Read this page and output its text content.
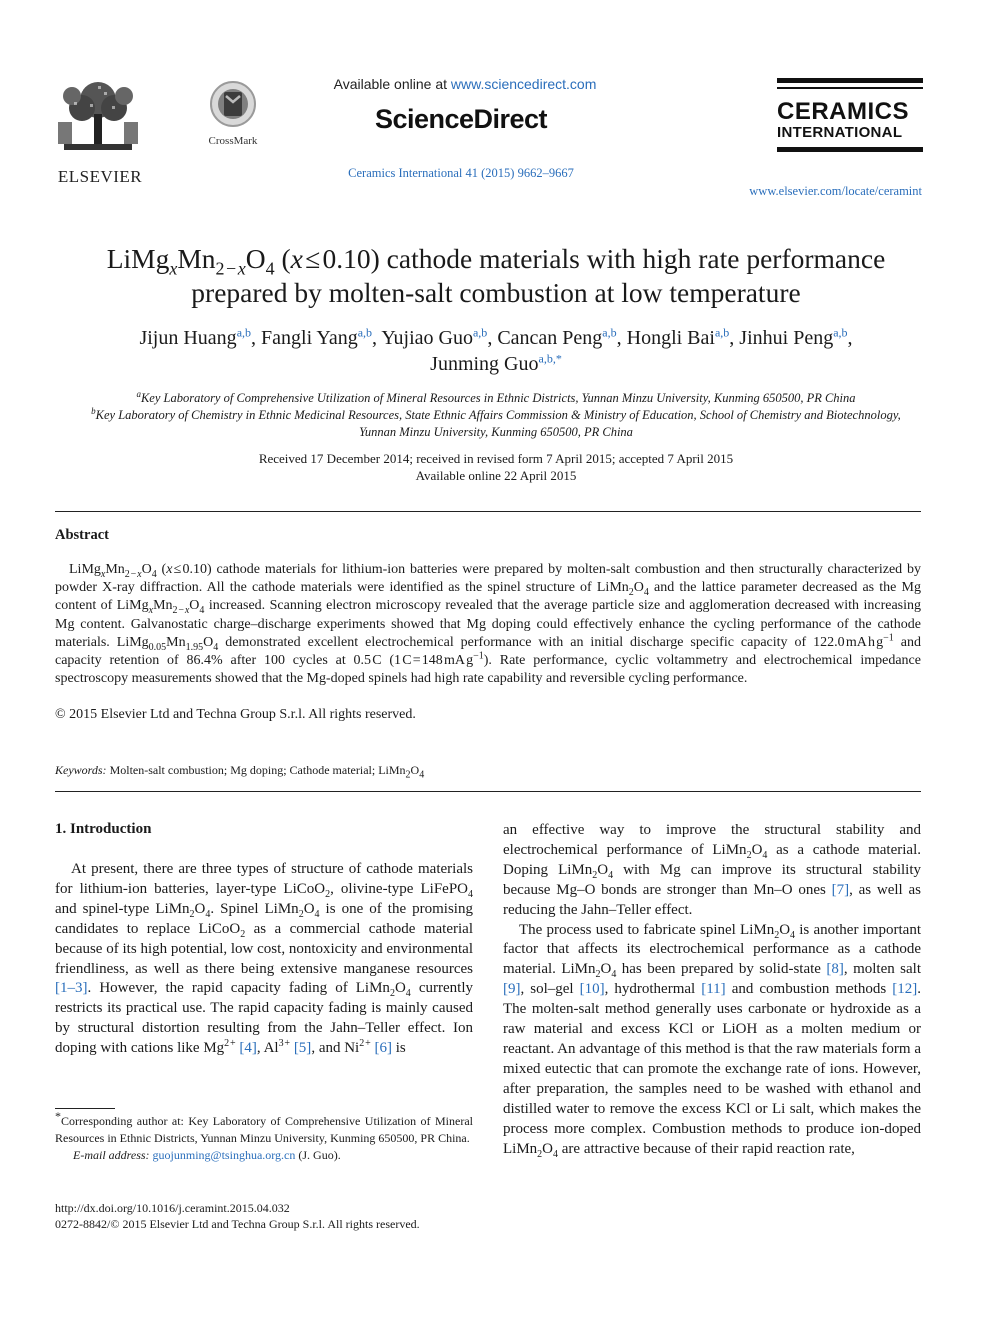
ELSEVIER
CrossMark
Available online at www.sciencedirect.com
ScienceDirect
Ceramics International 41 (2015) 9662–9667
CERAMICS
INTERNATIONAL
www.elsevier.com/locate/ceramint
$LiMg_xMn_{2 - x}O_4$ (x ≤ 0.10) cathode materials with high rate performance
prepared by molten-salt combustion at low temperature
Jijun Huang$^{a,b}$, Fangli Yang$^{a,b}$, Yujiao Guo$^{a,b}$, Cancan Peng$^{a,b}$, Hongli Bai$^{a,b}$, Jinhui Peng$^{a,b}$,
Junming Guo$^{a,b,*}$
$^a$Key Laboratory of Comprehensive Utilization of Mineral Resources in Ethnic Districts, Yunnan Minzu University, Kunming 650500, PR China
$^b$Key Laboratory of Chemistry in Ethnic Medicinal Resources, State Ethnic Affairs Commission & Ministry of Education, School of Chemistry and Biotechnology,
Yunnan Minzu University, Kunming 650500, PR China
Received 17 December 2014; received in revised form 7 April 2015; accepted 7 April 2015
Available online 22 April 2015
Abstract
$LiMg_xMn_{2 - x}O_4$ (x ≤ 0.10) cathode materials for lithium-ion batteries were prepared by molten-salt combustion and then structurally characterized by powder X-ray diffraction. All the cathode materials were identified as the spinel structure of $LiMn_2O_4$ and the lattice parameter decreased as the Mg content of $LiMg_xMn_{2 - x}O_4$ increased. Scanning electron microscopy revealed that the average particle size and agglomeration decreased with increasing Mg content. Galvanostatic charge–discharge experiments showed that Mg doping could effectively enhance the cycling performance of the cathode materials. $LiMg_{0.05}Mn_{1.95}O_4$ demonstrated excellent electrochemical performance with an initial discharge specific capacity of 122.0 mA h $g^{-1}$ and capacity retention of 86.4% after 100 cycles at 0.5 C (1 C = 148 mA $g^{-1}$). Rate performance, cyclic voltammetry and electrochemical impedance spectroscopy measurements showed that the Mg-doped spinels had high rate capability and reversible cycling performance.
© 2015 Elsevier Ltd and Techna Group S.r.l. All rights reserved.
Keywords: Molten-salt combustion; Mg doping; Cathode material; $LiMn_2O_4$
1. Introduction

At present, there are three types of structure of cathode materials for lithium-ion batteries, layer-type LiCoO$_2$, olivine-type LiFePO$_4$ and spinel-type $LiMn_2O_4$. Spinel $LiMn_2O_4$ is one of the promising candidates to replace LiCoO$_2$ as a commercial cathode material because of its high potential, low cost, nontoxicity and environmental friendliness, as well as there being extensive manganese resources [1–3]. However, the rapid capacity fading of $LiMn_2O_4$ currently restricts its practical use. The rapid capacity fading is mainly caused by structural distortion resulting from the Jahn–Teller effect. Ion doping with cations like $Mg^{2 +}$ [4], $Al^{3 +}$ [5], and $Ni^{2 +}$ [6] is

an effective way to improve the structural stability and electrochemical performance of $LiMn_2O_4$ as a cathode material. Doping $LiMn_2O_4$ with Mg can improve its structural stability because Mg–O bonds are stronger than Mn–O ones [7], as well as reducing the Jahn–Teller effect.

The process used to fabricate spinel $LiMn_2O_4$ is another important factor that affects its electrochemical performance as a cathode material. $LiMn_2O_4$ has been prepared by solid-state [8], molten salt [9], sol–gel [10], hydrothermal [11] and combustion methods [12]. The molten-salt method generally uses carbonate or hydroxide as a raw material and excess KCl or LiOH as a molten medium or reactant. An advantage of this method is that the raw materials form a mixed eutectic that can promote the exchange rate of ions. However, after preparation, the samples need to be washed with ethanol and distilled water to remove the excess KCl or Li salt, which makes the process more complex. Combustion methods to produce ion-doped $LiMn_2O_4$ are attractive because of their rapid reaction rate,

*Corresponding author at: Key Laboratory of Comprehensive Utilization of Mineral Resources in Ethnic Districts, Yunnan Minzu University, Kunming 650500, PR China.
E-mail address: guojunming@tsinghua.org.cn (J. Guo).
http://dx.doi.org/10.1016/j.ceramint.2015.04.032
0272-8842/© 2015 Elsevier Ltd and Techna Group S.r.l. All rights reserved.
